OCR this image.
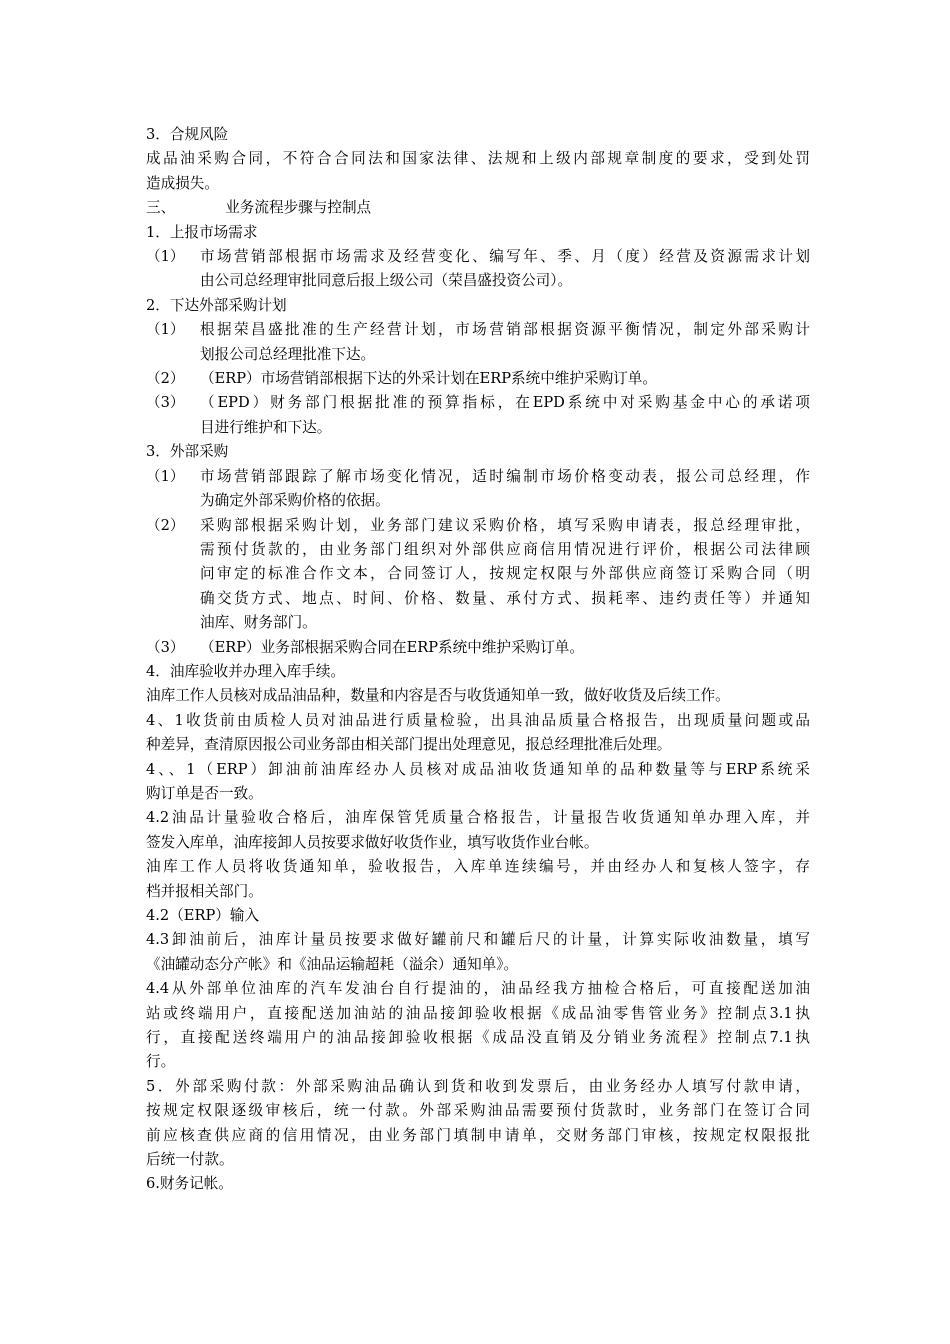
3．合规风险
成品油采购合同，不符合合同法和国家法律、法规和上级内部规章制度的要求，受到处罚
造成损失。
三、	业务流程步骤与控制点
1．上报市场需求
（1）	市场营销部根据市场需求及经营变化、编写年、季、月（度）经营及资源需求计划
由公司总经理审批同意后报上级公司（荣昌盛投资公司）。
2．下达外部采购计划
（1）	根据荣昌盛批准的生产经营计划，市场营销部根据资源平衡情况，制定外部采购计
划报公司总经理批准下达。
（2）	（ERP）市场营销部根据下达的外采计划在ERP系统中维护采购订单。
（3）	（EPD）财务部门根据批准的预算指标，在EPD系统中对采购基金中心的承诺项
目进行维护和下达。
3．外部采购
（1）	市场营销部跟踪了解市场变化情况，适时编制市场价格变动表，报公司总经理，作
为确定外部采购价格的依据。
（2）	采购部根据采购计划，业务部门建议采购价格，填写采购申请表，报总经理审批，
需预付货款的，由业务部门组织对外部供应商信用情况进行评价，根据公司法律顾
问审定的标准合作文本，合同签订人，按规定权限与外部供应商签订采购合同（明
确交货方式、地点、时间、价格、数量、承付方式、损耗率、违约责任等）并通知
油库、财务部门。
（3）	（ERP）业务部根据采购合同在ERP系统中维护采购订单。
4．油库验收并办理入库手续。
油库工作人员核对成品油品种，数量和内容是否与收货通知单一致，做好收货及后续工作。
4、1收货前由质检人员对油品进行质量检验，出具油品质量合格报告，出现质量问题或品
种差异，查清原因报公司业务部由相关部门提出处理意见，报总经理批准后处理。
4、、1（ERP）卸油前油库经办人员核对成品油收货通知单的品种数量等与ERP系统采
购订单是否一致。
4.2油品计量验收合格后，油库保管凭质量合格报告，计量报告收货通知单办理入库，并
签发入库单，油库接卸人员按要求做好收货作业，填写收货作业台帐。
油库工作人员将收货通知单，验收报告，入库单连续编号，并由经办人和复核人签字，存
档并报相关部门。
4.2（ERP）输入
4.3卸油前后，油库计量员按要求做好罐前尺和罐后尺的计量，计算实际收油数量，填写
《油罐动态分产帐》和《油品运输超耗（溢余）通知单》。
4.4从外部单位油库的汽车发油台自行提油的，油品经我方抽检合格后，可直接配送加油
站或终端用户，直接配送加油站的油品接卸验收根据《成品油零售管业务》控制点3.1执
行，直接配送终端用户的油品接卸验收根据《成品没直销及分销业务流程》控制点7.1执
行。
5．外部采购付款：外部采购油品确认到货和收到发票后，由业务经办人填写付款申请，
按规定权限逐级审核后，统一付款。外部采购油品需要预付货款时，业务部门在签订合同
前应核查供应商的信用情况，由业务部门填制申请单，交财务部门审核，按规定权限报批
后统一付款。
6.财务记帐。
